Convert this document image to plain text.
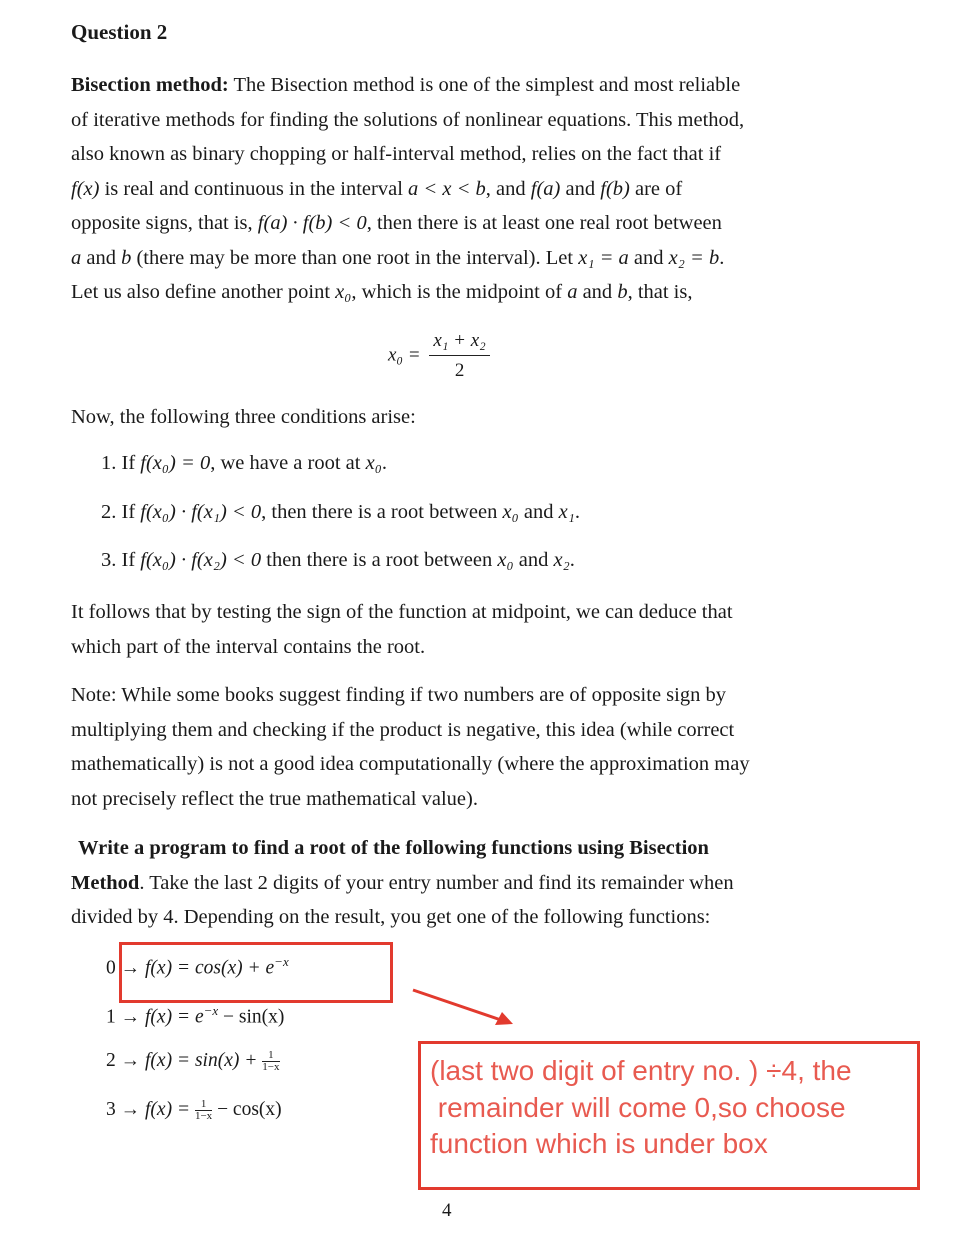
Question 2
Bisection method: The Bisection method is one of the simplest and most reliable
of iterative methods for finding the solutions of nonlinear equations. This method,
also known as binary chopping or half-interval method, relies on the fact that if
f(x) is real and continuous in the interval a < x < b, and f(a) and f(b) are of
opposite signs, that is, f(a) · f(b) < 0, then there is at least one real root between
a and b (there may be more than one root in the interval). Let x₁ = a and x₂ = b.
Let us also define another point x₀, which is the midpoint of a and b, that is,
$x_0 = \frac{\text{x₁ + x₂}}{2}$
Now, the following three conditions arise:
1. If f(x₀) = 0, we have a root at x₀.
2. If f(x₀) · f(x₁) < 0, then there is a root between x₀ and x₁.
3. If f(x₀) · f(x₂) < 0 then there is a root between x₀ and x₂.
It follows that by testing the sign of the function at midpoint, we can deduce that
which part of the interval contains the root.
Note: While some books suggest finding if two numbers are of opposite sign by
multiplying them and checking if the product is negative, this idea (while correct
mathematically) is not a good idea computationally (where the approximation may
not precisely reflect the true mathematical value).
Write a program to find a root of the following functions using Bisection
Method. Take the last 2 digits of your entry number and find its remainder when
divided by 4. Depending on the result, you get one of the following functions:
$0 \to f(x) = \cos(x) + e^{-x}$
$1 \to f(x) = e^{-x} - \sin(x)$
$2 \to f(x) = \sin(x) + \frac{1}{1-x}$
$3 \to f(x) = \frac{1}{1-x} - \cos(x)$
(last two digit of entry no. ) ÷4, the
remainder will come 0,so choose
function which is under box
4
